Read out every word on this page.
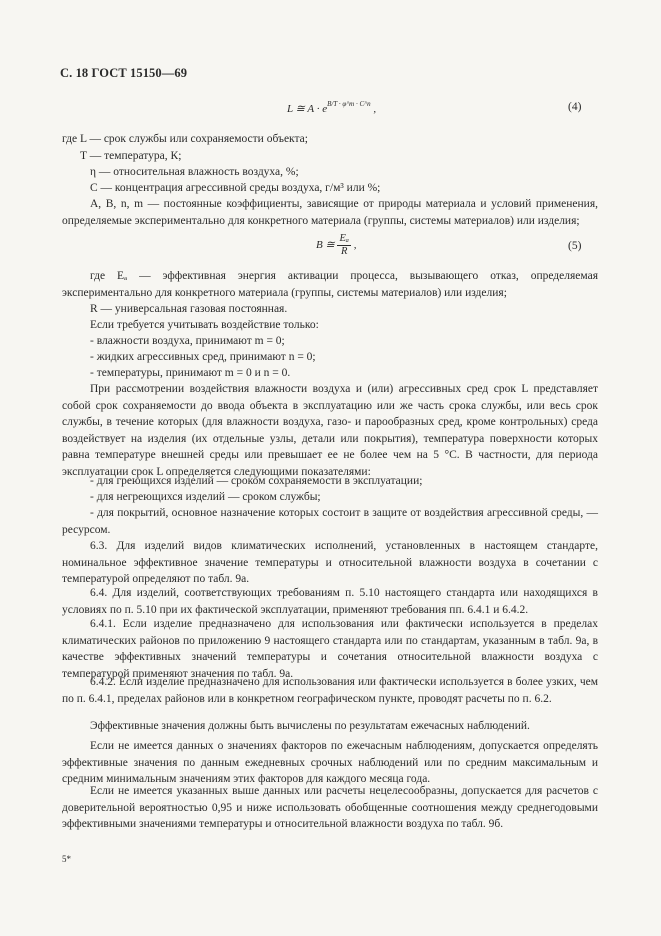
С. 18 ГОСТ 15150—69
L ≅ $A \cdot e^{B/T \cdot \varphi\^{}m \cdot C\^{}n}$ ,	(4)

где L — срок службы или сохраняемости объекта;

T — температура, К;

η — относительная влажность воздуха, %;

C — концентрация агрессивной среды воздуха, г/м³ или %;

A, B, n, m — постоянные коэффициенты, зависящие от природы материала и условий применения, определяемые экспериментально для конкретного материала (группы, системы материалов) или изделия;

B ≅ $\frac{\text{Eₐ}}{R}$ ,	(5)

где Eₐ — эффективная энергия активации процесса, вызывающего отказ, определяемая экспериментально для конкретного материала (группы, системы материалов) или изделия;

R — универсальная газовая постоянная.

Если требуется учитывать воздействие только:

- влажности воздуха, принимают m = 0;

- жидких агрессивных сред, принимают n = 0;

- температуры, принимают m = 0 и n = 0.

При рассмотрении воздействия влажности воздуха и (или) агрессивных сред срок L представляет собой срок сохраняемости до ввода объекта в эксплуатацию или же часть срока службы, или весь срок службы, в течение которых (для влажности воздуха, газо- и парообразных сред, кроме контрольных) среда воздействует на изделия (их отдельные узлы, детали или покрытия), температура поверхности которых равна температуре внешней среды или превышает ее не более чем на 5 °С. В частности, для периода эксплуатации срок L определяется следующими показателями:

- для греющихся изделий — сроком сохраняемости в эксплуатации;

- для негреющихся изделий — сроком службы;

- для покрытий, основное назначение которых состоит в защите от воздействия агрессивной среды, — ресурсом.

6.3. Для изделий видов климатических исполнений, установленных в настоящем стандарте, номинальное эффективное значение температуры и относительной влажности воздуха в сочетании с температурой определяют по табл. 9а.

6.4. Для изделий, соответствующих требованиям п. 5.10 настоящего стандарта или находящихся в условиях по п. 5.10 при их фактической эксплуатации, применяют требования пп. 6.4.1 и 6.4.2.

6.4.1. Если изделие предназначено для использования или фактически используется в пределах климатических районов по приложению 9 настоящего стандарта или по стандартам, указанным в табл. 9а, в качестве эффективных значений температуры и сочетания относительной влажности воздуха с температурой применяют значения по табл. 9а.

6.4.2. Если изделие предназначено для использования или фактически используется в более узких, чем по п. 6.4.1, пределах районов или в конкретном географическом пункте, проводят расчеты по п. 6.2.

Эффективные значения должны быть вычислены по результатам ежечасных наблюдений.

Если не имеется данных о значениях факторов по ежечасным наблюдениям, допускается определять эффективные значения по данным ежедневных срочных наблюдений или по средним максимальным и средним минимальным значениям этих факторов для каждого месяца года.

Если не имеется указанных выше данных или расчеты нецелесообразны, допускается для расчетов с доверительной вероятностью 0,95 и ниже использовать обобщенные соотношения между среднегодовыми эффективными значениями температуры и относительной влажности воздуха по табл. 9б.

5*
